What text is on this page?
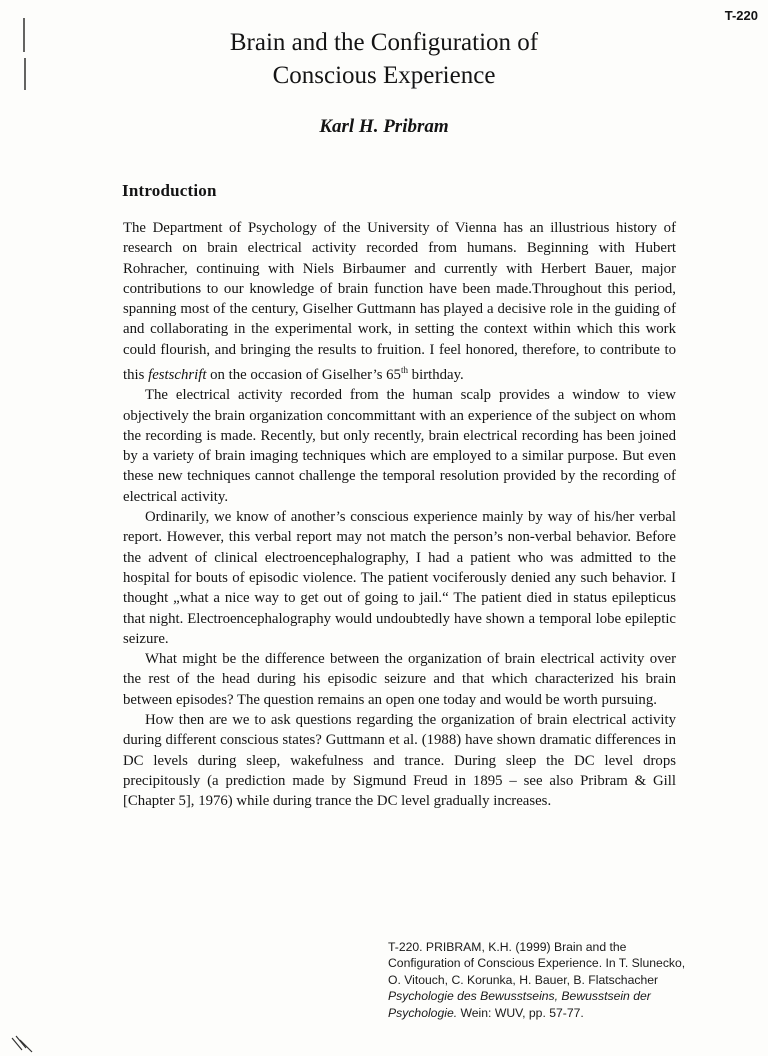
T-220
Brain and the Configuration of
Conscious Experience
Karl H. Pribram
Introduction

The Department of Psychology of the University of Vienna has an illustrious history of research on brain electrical activity recorded from humans. Beginning with Hubert Rohracher, continuing with Niels Birbaumer and currently with Herbert Bauer, major contributions to our knowledge of brain function have been made.Throughout this period, spanning most of the century, Giselher Guttmann has played a decisive role in the guiding of and collaborating in the experimental work, in setting the context within which this work could flourish, and bringing the results to fruition. I feel honored, therefore, to contribute to this festschrift on the occasion of Giselher’s 65th birthday.

The electrical activity recorded from the human scalp provides a window to view objectively the brain organization concommittant with an experience of the subject on whom the recording is made. Recently, but only recently, brain electrical recording has been joined by a variety of brain imaging techniques which are employed to a similar purpose. But even these new techniques cannot challenge the temporal resolution provided by the recording of electrical activity.

Ordinarily, we know of another’s conscious experience mainly by way of his/her verbal report. However, this verbal report may not match the person’s non-verbal behavior. Before the advent of clinical electroencephalography, I had a patient who was admitted to the hospital for bouts of episodic violence. The patient vociferously denied any such behavior. I thought „what a nice way to get out of going to jail.“ The patient died in status epilepticus that night. Electroencephalography would undoubtedly have shown a temporal lobe epileptic seizure.

What might be the difference between the organization of brain electrical activity over the rest of the head during his episodic seizure and that which characterized his brain between episodes? The question remains an open one today and would be worth pursuing.

How then are we to ask questions regarding the organization of brain electrical activity during different conscious states? Guttmann et al. (1988) have shown dramatic differences in DC levels during sleep, wakefulness and trance. During sleep the DC level drops precipitously (a prediction made by Sigmund Freud in 1895 – see also Pribram & Gill [Chapter 5], 1976) while during trance the DC level gradually increases.

T-220. PRIBRAM, K.H. (1999) Brain and the
Configuration of Conscious Experience. In T. Slunecko,
O. Vitouch, C. Korunka, H. Bauer, B. Flatschacher
Psychologie des Bewusstseins, Bewusstsein der
Psychologie. Wein: WUV, pp. 57-77.
